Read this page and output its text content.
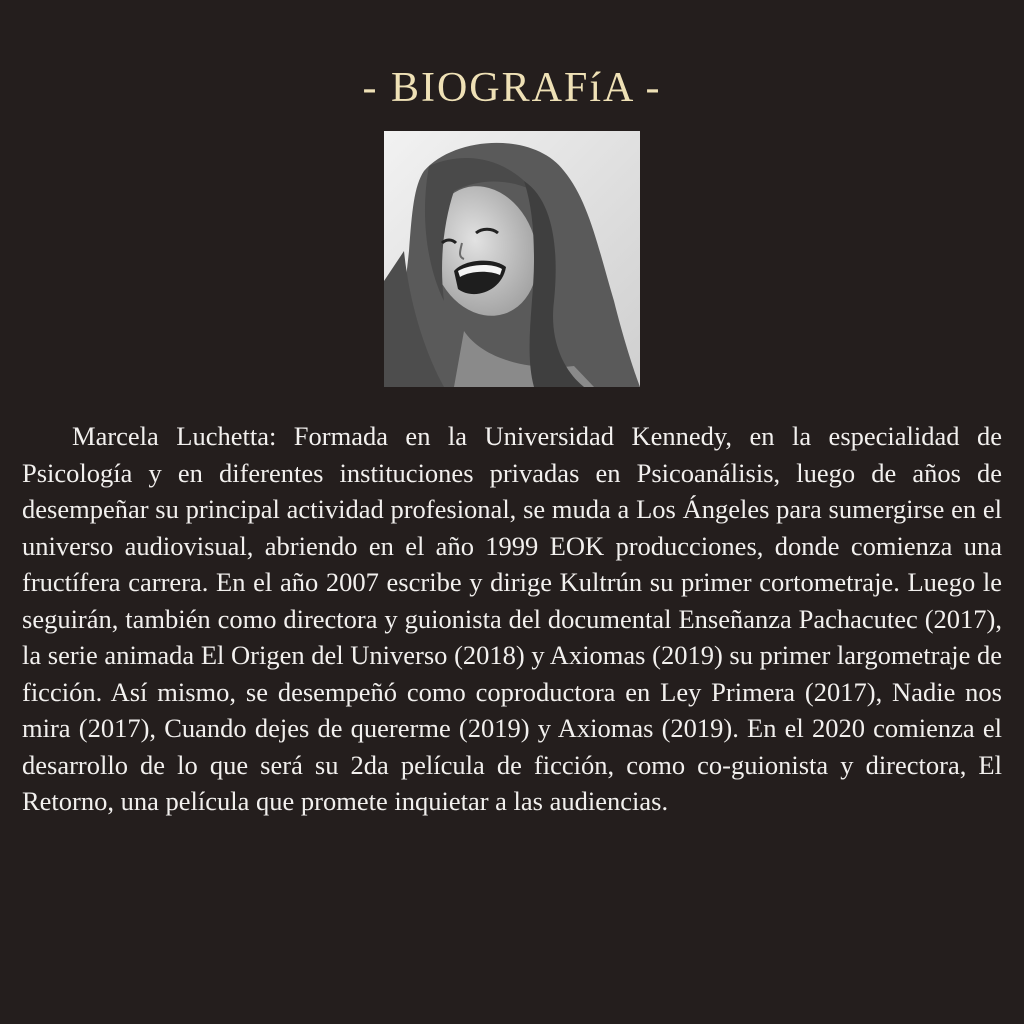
- BIOGRAFíA -

Marcela Luchetta: Formada en la Universidad Kennedy, en la especialidad de Psicología y en diferentes instituciones privadas en Psicoanálisis, luego de años de desempeñar su principal actividad profesional, se muda a Los Ángeles para sumergirse en el universo audiovisual, abriendo en el año 1999 EOK producciones, donde comienza una fructífera carrera. En el año 2007 escribe y dirige Kultrún su primer cortometraje. Luego le seguirán, también como directora y guionista del documental Enseñanza Pachacutec (2017), la serie animada El Origen del Universo (2018) y Axiomas (2019) su primer largometraje de ficción. Así mismo, se desempeñó como coproductora en Ley Primera (2017), Nadie nos mira (2017), Cuando dejes de quererme (2019) y Axiomas (2019). En el 2020 comienza el desarrollo de lo que será su 2da película de ficción, como co-guionista y directora, El Retorno, una película que promete inquietar a las audiencias.
